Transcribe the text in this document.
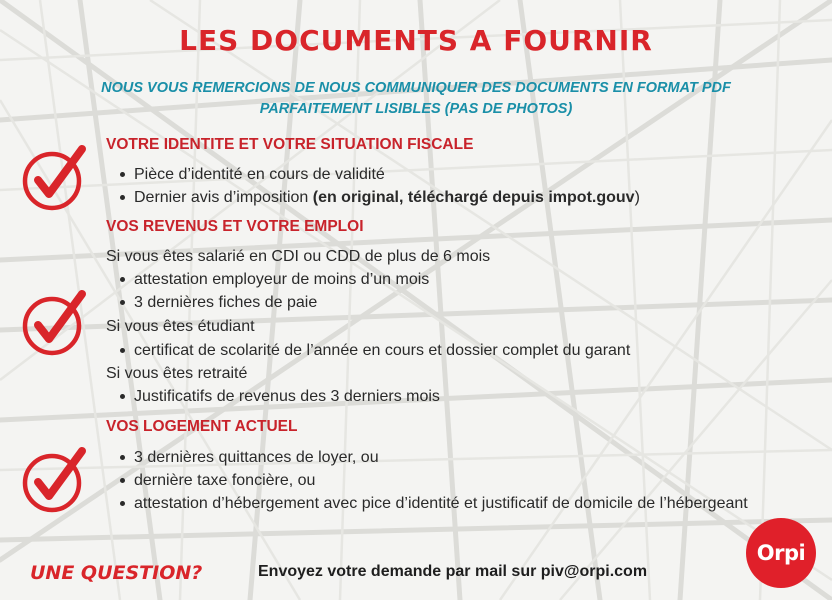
LES DOCUMENTS A FOURNIR
NOUS VOUS REMERCIONS DE NOUS COMMUNIQUER DES DOCUMENTS EN FORMAT PDF
PARFAITEMENT LISIBLES (PAS DE PHOTOS)
VOTRE IDENTITE ET VOTRE SITUATION FISCALE
Pièce d’identité en cours de validité
Dernier avis d’imposition (en original, téléchargé depuis impot.gouv)
VOS REVENUS ET VOTRE EMPLOI
Si vous êtes salarié en CDI ou CDD de plus de 6 mois
attestation employeur de moins d’un mois
3 dernières fiches de paie
Si vous êtes étudiant
certificat de scolarité de l’année en cours et dossier complet du garant
Si vous êtes retraité
Justificatifs de revenus des 3 derniers mois
VOS LOGEMENT ACTUEL
3 dernières quittances de loyer, ou
dernière taxe foncière, ou
attestation d’hébergement avec pice d’identité et justificatif de domicile de l’hébergeant
UNE QUESTION?	Envoyez votre demande par mail sur piv@orpi.com
Orpi
